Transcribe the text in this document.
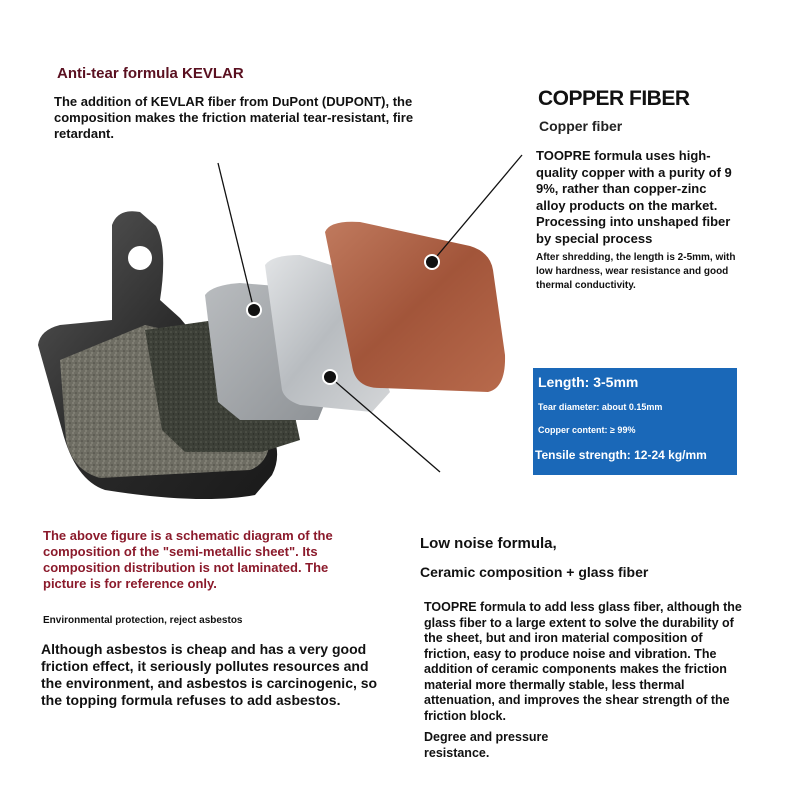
Anti-tear formula KEVLAR
The addition of KEVLAR fiber from DuPont (DUPONT), the
composition makes the friction material tear-resistant, fire
retardant.
COPPER FIBER
Copper fiber
TOOPRE formula uses high-
quality copper with a purity of 9
9%, rather than copper-zinc
alloy products on the market.
Processing into unshaped fiber
by special process
After shredding, the length is 2-5mm, with
low hardness, wear resistance and good
thermal conductivity.
Length: 3-5mm
Tear diameter: about 0.15mm
Copper content: ≥ 99%
Tensile strength: 12-24 kg/mm
The above figure is a schematic diagram of the
composition of the "semi-metallic sheet". Its
composition distribution is not laminated. The
picture is for reference only.
Low noise formula,
Ceramic composition + glass fiber
TOOPRE formula to add less glass fiber, although the
glass fiber to a large extent to solve the durability of
the sheet, but and iron material composition of
friction, easy to produce noise and vibration. The
addition of ceramic components makes the friction
material more thermally stable, less thermal
attenuation, and improves the shear strength of the
friction block.
Degree and pressure
resistance.
Environmental protection, reject asbestos
Although asbestos is cheap and has a very good
friction effect, it seriously pollutes resources and
the environment, and asbestos is carcinogenic, so
the topping formula refuses to add asbestos.
